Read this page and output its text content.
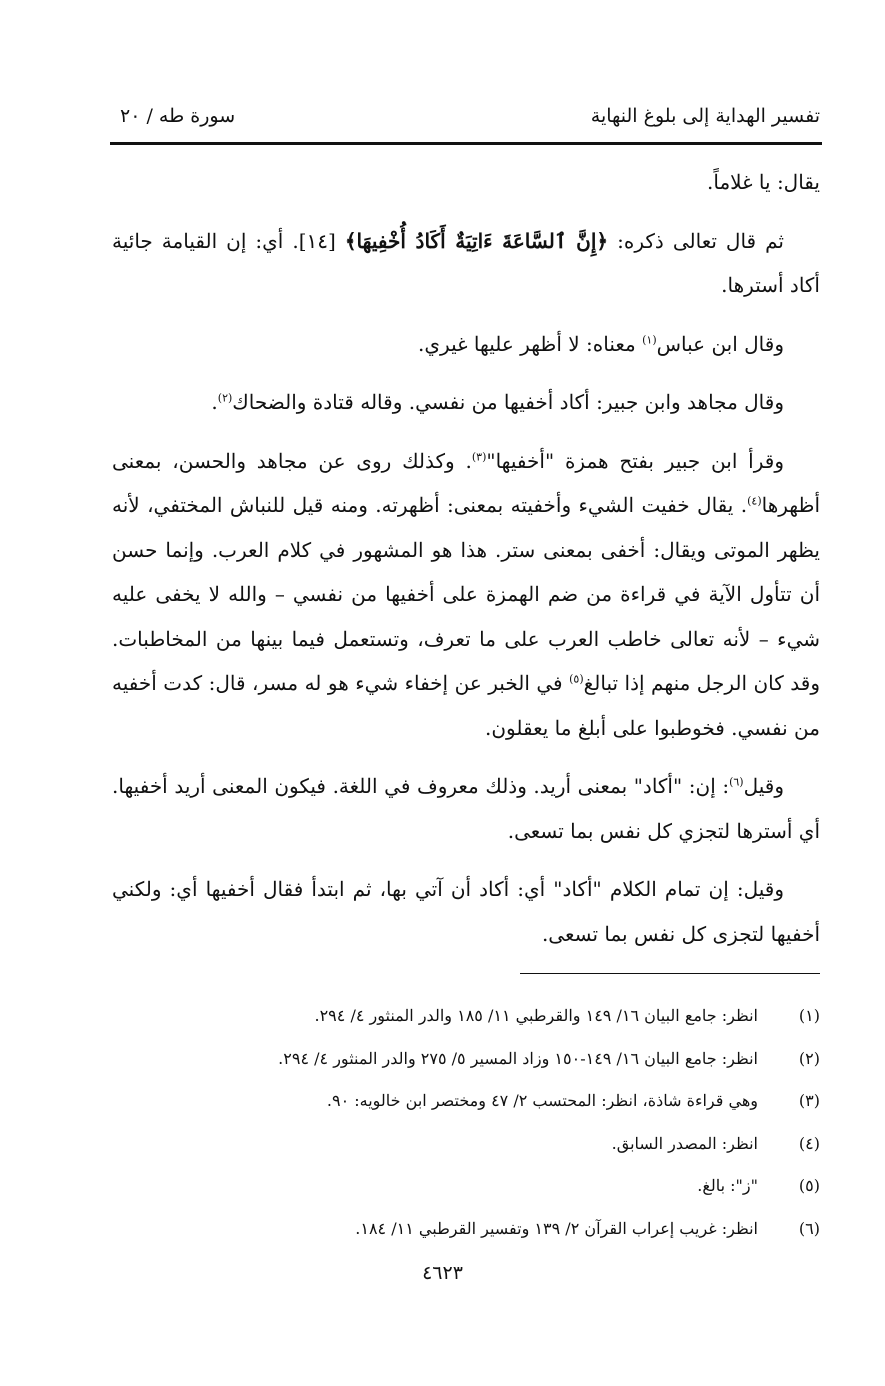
تفسير الهداية إلى بلوغ النهاية
سورة طه / ٢٠

يقال: يا غلاماً.

ثم قال تعالى ذكره: ﴿إِنَّ ٱلسَّاعَةَ ءَاتِيَةٌ أَكَادُ أُخْفِيهَا﴾ [١٤]. أي: إن القيامة جائية أكاد أسترها.

وقال ابن عباس$^{(١)}$ معناه: لا أظهر عليها غيري.

وقال مجاهد وابن جبير: أكاد أخفيها من نفسي. وقاله قتادة والضحاك$^{(٢)}$.

وقرأ ابن جبير بفتح همزة "أخفيها"$^{(٣)}$. وكذلك روى عن مجاهد والحسن، بمعنى أظهرها$^{(٤)}$. يقال خفيت الشيء وأخفيته بمعنى: أظهرته. ومنه قيل للنباش المختفي، لأنه يظهر الموتى ويقال: أخفى بمعنى ستر. هذا هو المشهور في كلام العرب. وإنما حسن أن تتأول الآية في قراءة من ضم الهمزة على أخفيها من نفسي – والله لا يخفى عليه شيء – لأنه تعالى خاطب العرب على ما تعرف، وتستعمل فيما بينها من المخاطبات. وقد كان الرجل منهم إذا تبالغ$^{(٥)}$ في الخبر عن إخفاء شيء هو له مسر، قال: كدت أخفيه من نفسي. فخوطبوا على أبلغ ما يعقلون.

وقيل$^{(٦)}$: إن: "أكاد" بمعنى أريد. وذلك معروف في اللغة. فيكون المعنى أريد أخفيها. أي أسترها لتجزي كل نفس بما تسعى.

وقيل: إن تمام الكلام "أكاد" أي: أكاد أن آتي بها، ثم ابتدأ فقال أخفيها أي: ولكني أخفيها لتجزى كل نفس بما تسعى.

(١)
انظر: جامع البيان ١٦/ ١٤٩ والقرطبي ١١/ ١٨٥ والدر المنثور ٤/ ٢٩٤.
(٢)
انظر: جامع البيان ١٦/ ١٤٩-١٥٠ وزاد المسير ٥/ ٢٧٥ والدر المنثور ٤/ ٢٩٤.
(٣)
وهي قراءة شاذة، انظر: المحتسب ٢/ ٤٧ ومختصر ابن خالويه: ٩٠.
(٤)
انظر: المصدر السابق.
(٥)
"ز": بالغ.
(٦)
انظر: غريب إعراب القرآن ٢/ ١٣٩ وتفسير القرطبي ١١/ ١٨٤.
٤٦٢٣
